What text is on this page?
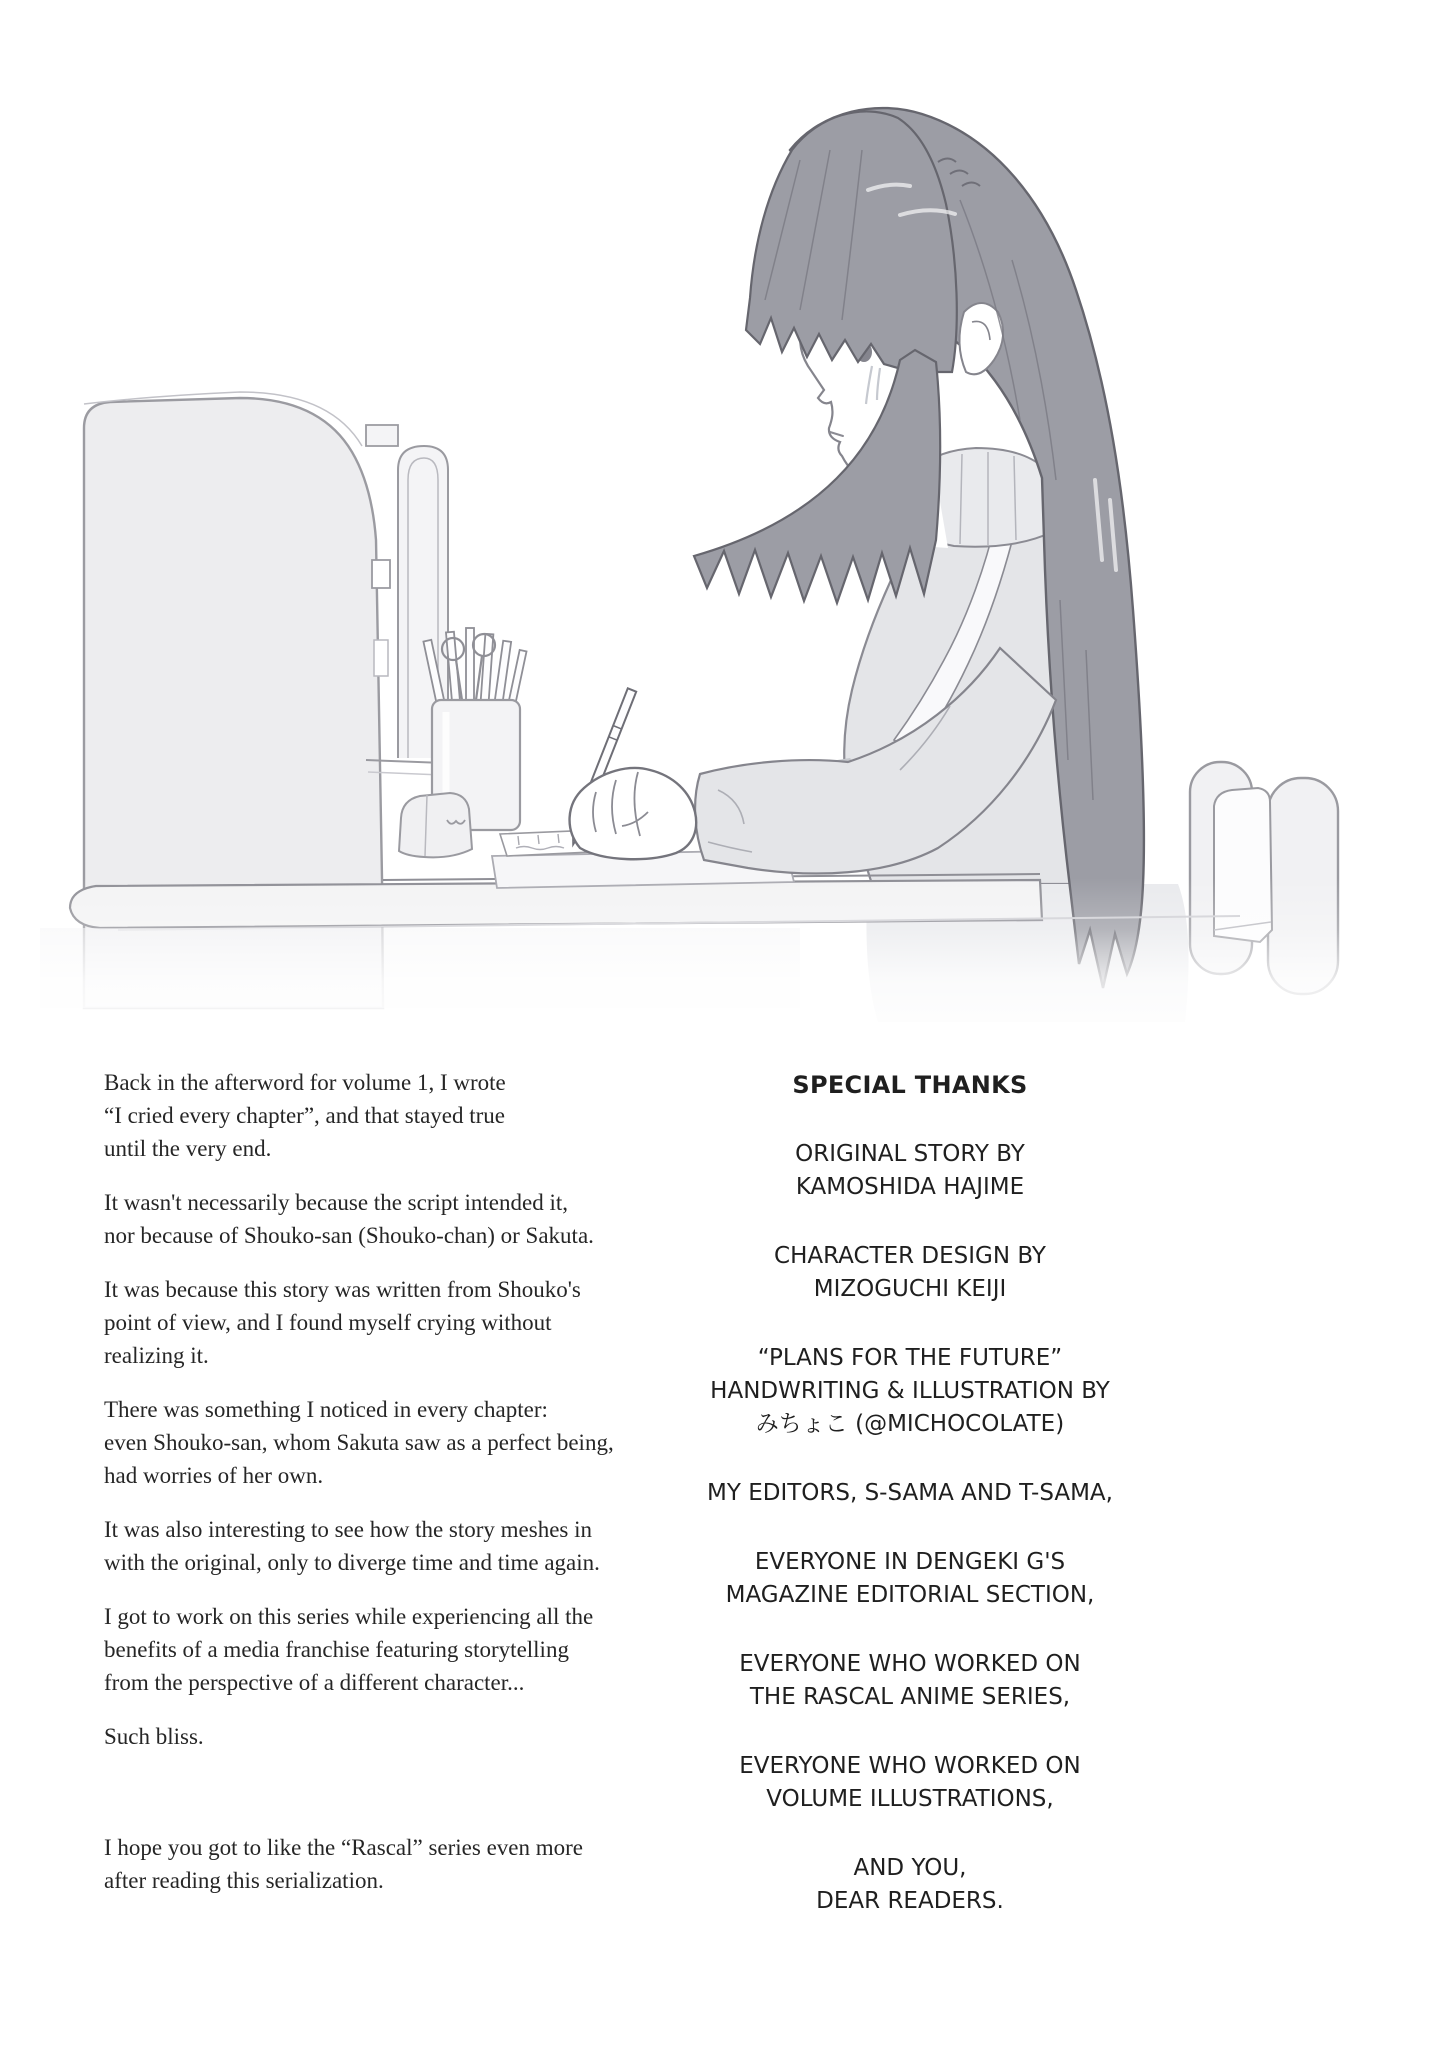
Back in the afterword for volume 1, I wrote
“I cried every chapter”, and that stayed true
until the very end.
It wasn't necessarily because the script intended it,
nor because of Shouko-san (Shouko-chan) or Sakuta.
It was because this story was written from Shouko's
point of view, and I found myself crying without
realizing it.
There was something I noticed in every chapter:
even Shouko-san, whom Sakuta saw as a perfect being,
had worries of her own.
It was also interesting to see how the story meshes in
with the original, only to diverge time and time again.
I got to work on this series while experiencing all the
benefits of a media franchise featuring storytelling
from the perspective of a different character...
Such bliss.
I hope you got to like the “Rascal” series even more
after reading this serialization.
SPECIAL THANKS
ORIGINAL STORY BY
KAMOSHIDA HAJIME
CHARACTER DESIGN BY
MIZOGUCHI KEIJI
“PLANS FOR THE FUTURE”
HANDWRITING & ILLUSTRATION BY
みちょこ (@MICHOCOLATE)
MY EDITORS, S-SAMA AND T-SAMA,
EVERYONE IN DENGEKI G'S
MAGAZINE EDITORIAL SECTION,
EVERYONE WHO WORKED ON
THE RASCAL ANIME SERIES,
EVERYONE WHO WORKED ON
VOLUME ILLUSTRATIONS,
AND YOU,
DEAR READERS.
